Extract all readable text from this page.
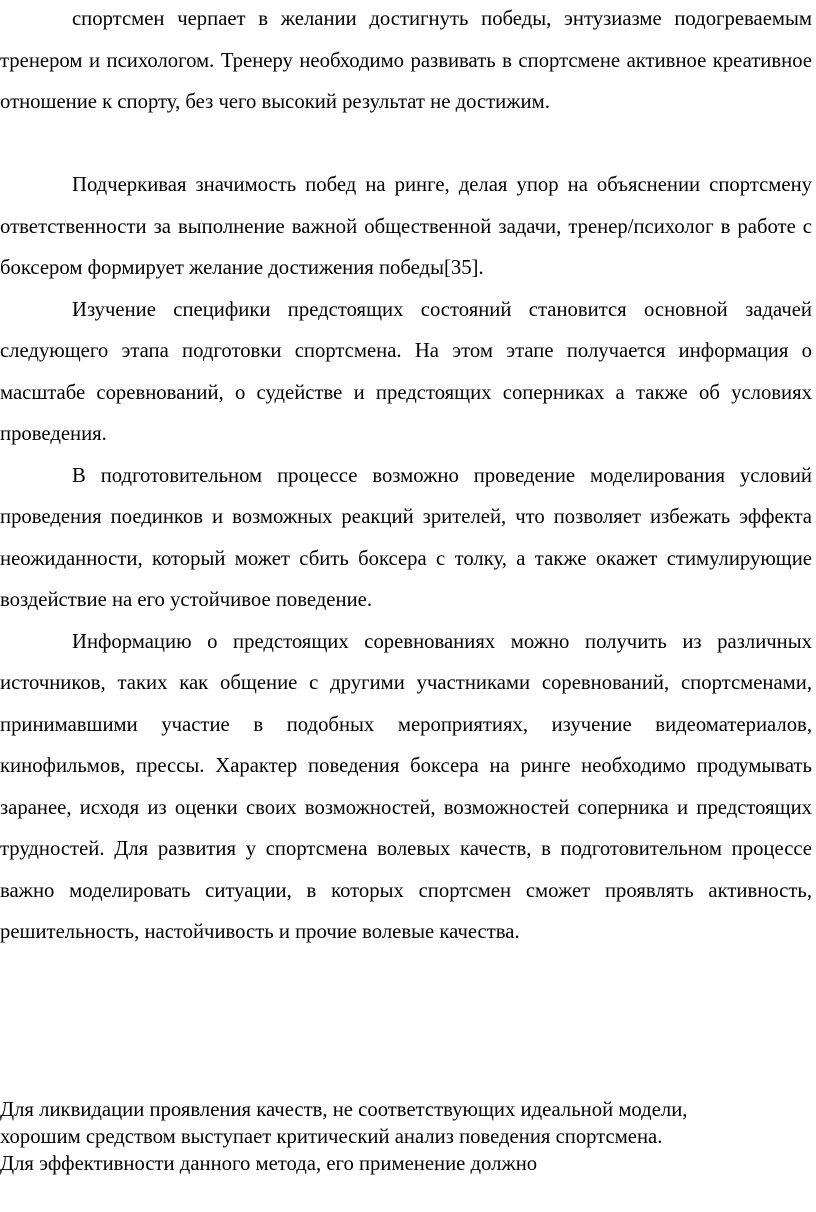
спортсмен черпает в желании достигнуть победы, энтузиазме подогреваемым тренером и психологом. Тренеру необходимо развивать в спортсмене активное креативное отношение к спорту, без чего высокий результат не достижим.

Подчеркивая значимость побед на ринге, делая упор на объяснении спортсмену ответственности за выполнение важной общественной задачи, тренер/психолог в работе с боксером формирует желание достижения победы[35].

Изучение специфики предстоящих состояний становится основной задачей следующего этапа подготовки спортсмена. На этом этапе получается информация о масштабе соревнований, о судействе и предстоящих соперниках а также об условиях проведения.

В подготовительном процессе возможно проведение моделирования условий проведения поединков и возможных реакций зрителей, что позволяет избежать эффекта неожиданности, который может сбить боксера с толку, а также окажет стимулирующие воздействие на его устойчивое поведение.

Информацию о предстоящих соревнованиях можно получить из различных источников, таких как общение с другими участниками соревнований, спортсменами, принимавшими участие в подобных мероприятиях, изучение видеоматериалов, кинофильмов, прессы. Характер поведения боксера на ринге необходимо продумывать заранее, исходя из оценки своих возможностей, возможностей соперника и предстоящих трудностей. Для развития у спортсмена волевых качеств, в подготовительном процессе важно моделировать ситуации, в которых спортсмен сможет проявлять активность, решительность, настойчивость и прочие волевые качества.

Для ликвидации проявления качеств, не соответствующих идеальной модели,
хорошим средством выступает критический анализ поведения спортсмена.
Для эффективности данного метода, его применение должно
